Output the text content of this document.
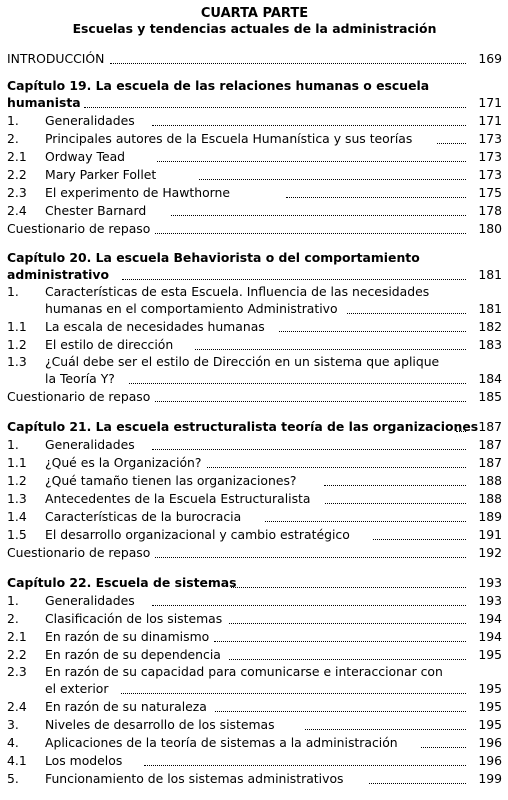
CUARTA PARTE
Escuelas y tendencias actuales de la administración
INTRODUCCIÓN	169
Capítulo 19. La escuela de las relaciones humanas o escuela
humanista	171
1. Generalidades	171
2. Principales autores de la Escuela Humanística y sus teorías	173
2.1 Ordway Tead	173
2.2 Mary Parker Follet	173
2.3 El experimento de Hawthorne	175
2.4 Chester Barnard	178
Cuestionario de repaso	180
Capítulo 20. La escuela Behaviorista o del comportamiento
administrativo	181
1. Características de esta Escuela. Influencia de las necesidades
humanas en el comportamiento Administrativo	181
1.1 La escala de necesidades humanas	182
1.2 El estilo de dirección	183
1.3 ¿Cuál debe ser el estilo de Dirección en un sistema que aplique
la Teoría Y?	184
Cuestionario de repaso	185
Capítulo 21. La escuela estructuralista teoría de las organizaciones 187
1. Generalidades	187
1.1 ¿Qué es la Organización?	187
1.2 ¿Qué tamaño tienen las organizaciones?	188
1.3 Antecedentes de la Escuela Estructuralista	188
1.4 Características de la burocracia	189
1.5 El desarrollo organizacional y cambio estratégico	191
Cuestionario de repaso	192
Capítulo 22. Escuela de sistemas	193
1. Generalidades	193
2. Clasificación de los sistemas	194
2.1 En razón de su dinamismo	194
2.2 En razón de su dependencia	195
2.3 En razón de su capacidad para comunicarse e interaccionar con
el exterior	195
2.4 En razón de su naturaleza	195
3. Niveles de desarrollo de los sistemas	195
4. Aplicaciones de la teoría de sistemas a la administración	196
4.1 Los modelos	196
5. Funcionamiento de los sistemas administrativos	199
